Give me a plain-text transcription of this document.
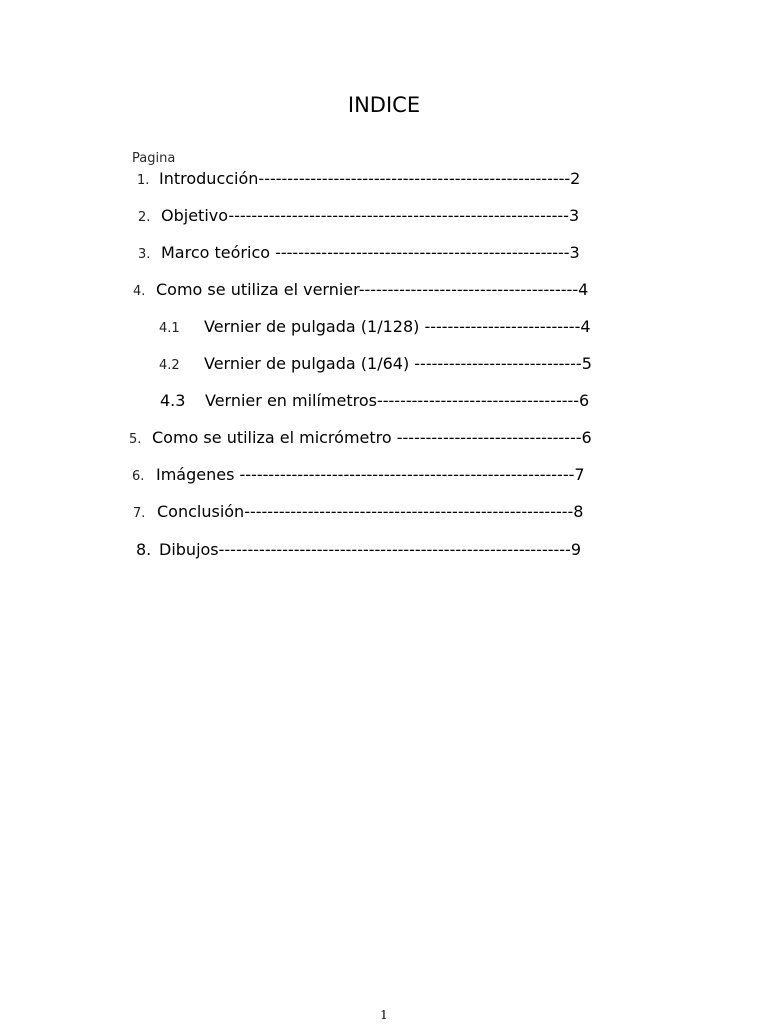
INDICE
Pagina
1. Introducción------------------------------------------------------2
2. Objetivo-----------------------------------------------------------3
3. Marco teórico ---------------------------------------------------3
4. Como se utiliza el vernier--------------------------------------4
4.1 Vernier de pulgada (1/128) ---------------------------4
4.2 Vernier de pulgada (1/64) -----------------------------5
4.3 Vernier en milímetros-----------------------------------6
5. Como se utiliza el micrómetro --------------------------------6
6. Imágenes ----------------------------------------------------------7
7. Conclusión---------------------------------------------------------8
8. Dibujos-------------------------------------------------------------9
1
